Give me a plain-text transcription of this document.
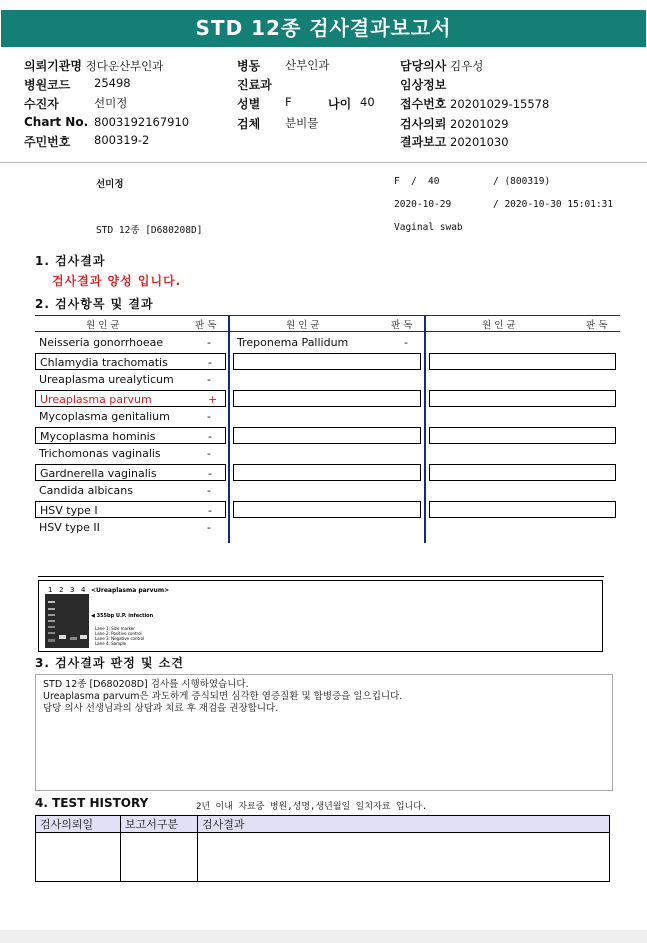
STD 12종 검사결과보고서
의뢰기관명 정다운산부인과
병원코드 25498
수진자	선미정
Chart No. 8003192167910
주민번호 800319-2
병동 산부인과
진료과
성별 F	나이 40
검체 분비물
담당의사 김우성
임상정보
접수번호 20201029-15578
검사의뢰 20201029
결과보고 20201030
선미정	F / 40	/ (800319)
2020-10-29	/ 2020-10-30 15:01:31
STD 12종 [D680208D]	Vaginal swab
1. 검사결과
검사결과 양성 입니다.
2. 검사항목 및 결과
원 인 균	판 독	원 인 균	판 독	원 인 균	판 독
1 2 3 4 <Ureaplasma parvum>
◀ 355bp U.P. infection
Lane 1: Size marker
Lane 2: Positive control
Lane 3: Negative control
Lane 4: Sample
3. 검사결과 판정 및 소견
STD 12종 [D680208D] 검사를 시행하였습니다.
Ureaplasma parvum은 과도하게 증식되면 심각한 염증질환 및 합병증을 일으킵니다.
담당 의사 선생님과의 상담과 치료 후 재검을 권장합니다.
4. TEST HISTORY	2년 이내 자료중 병원,성명,생년월일 일치자료 입니다.
검사의뢰일	보고서구분	검사결과

Neisseria gonorrhoeae	-
Chlamydia trachomatis	-
Ureaplasma urealyticum	-
Ureaplasma parvum	+
Mycoplasma genitalium	-
Mycoplasma hominis	-
Trichomonas vaginalis	-
Gardnerella vaginalis	-
Candida albicans	-
HSV type I	-
HSV type II	-
Treponema Pallidum	-
